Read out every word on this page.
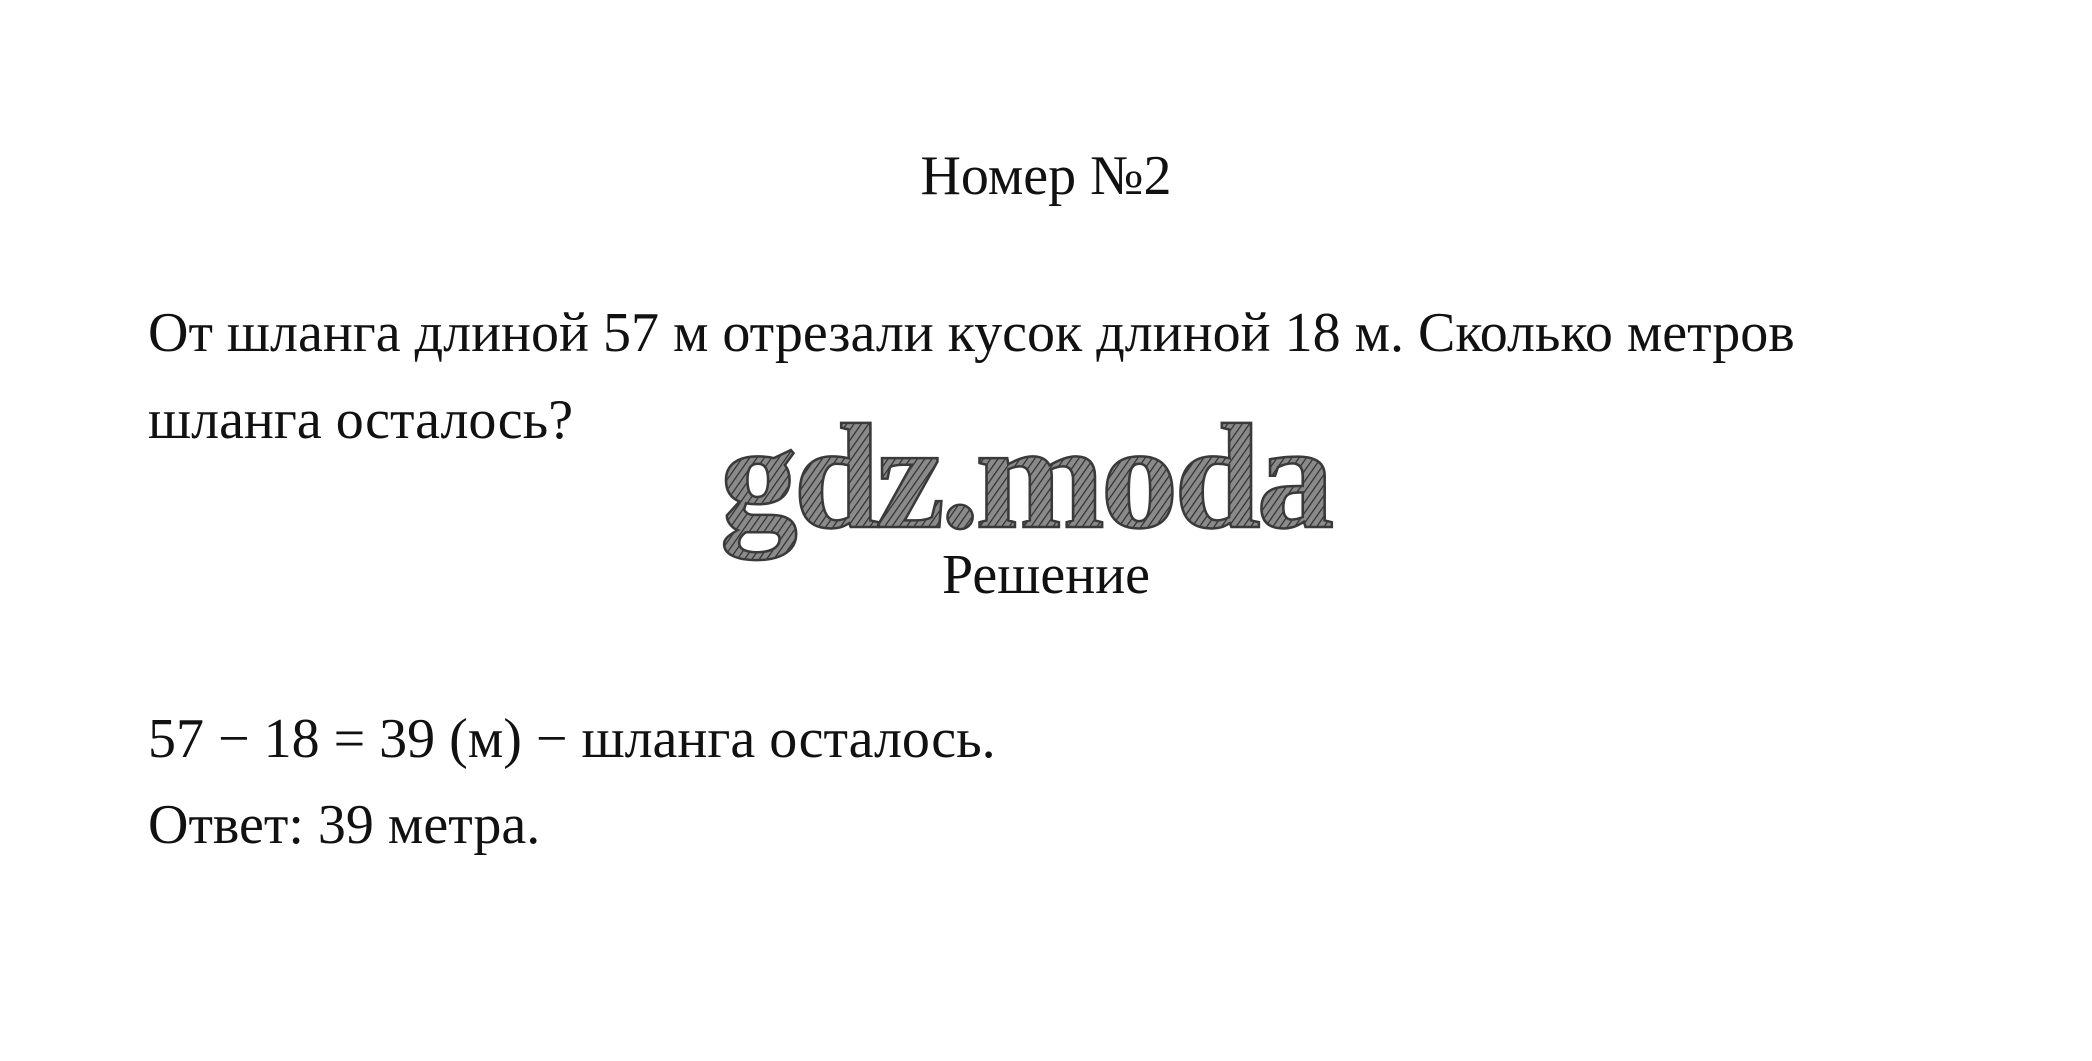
Номер №2
От шланга длиной 57 м отрезали кусок длиной 18 м. Сколько метров
шланга осталось? gdz.moda
Решение
57 − 18 = 39 (м) − шланга осталось.
Ответ: 39 метра.
